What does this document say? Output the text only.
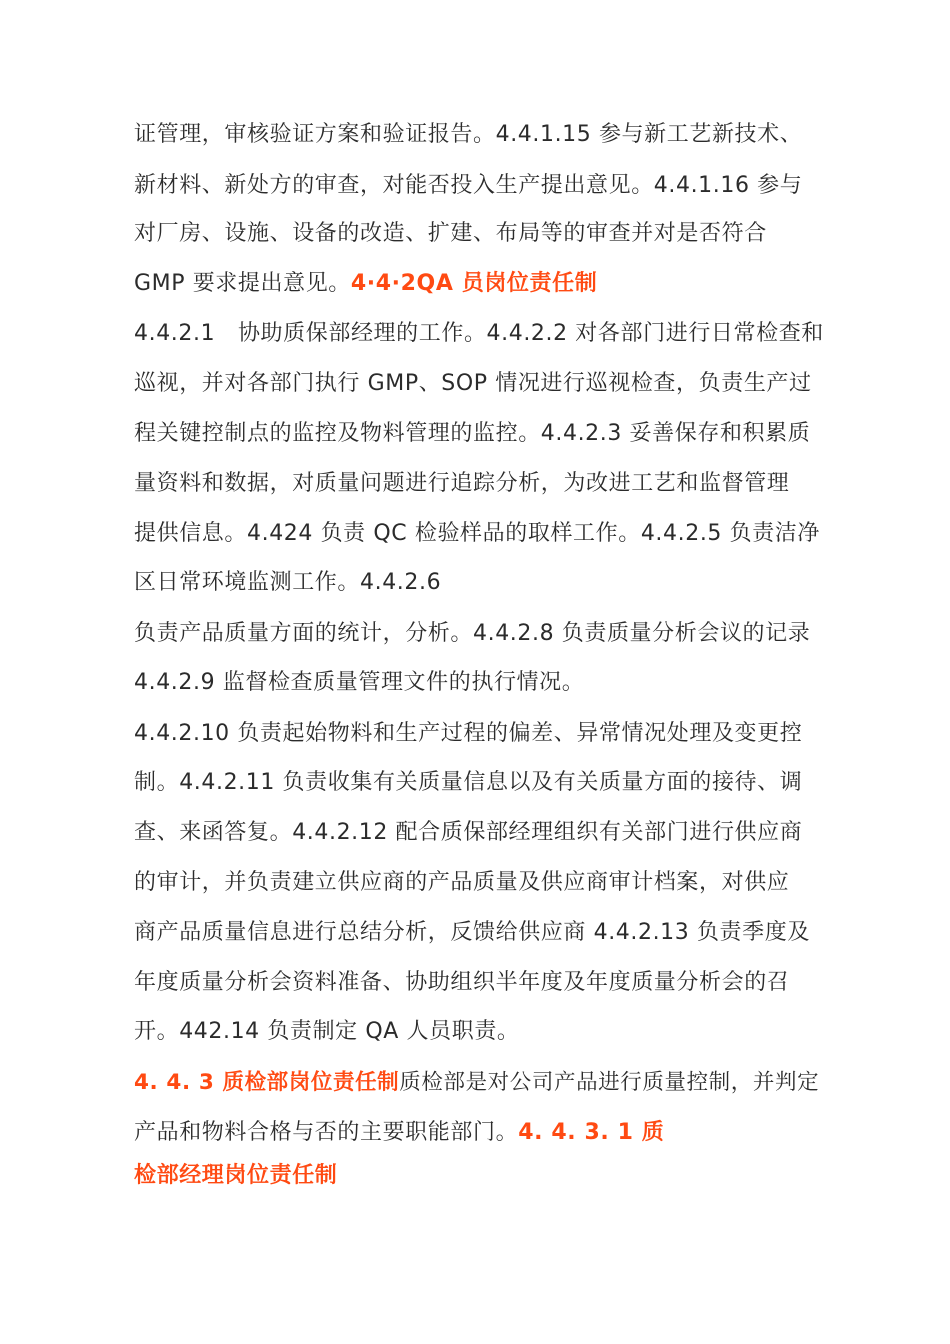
证管理，审核验证方案和验证报告。4.4.1.15 参与新工艺新技术、
新材料、新处方的审查，对能否投入生产提出意见。4.4.1.16 参与
对厂房、设施、设备的改造、扩建、布局等的审查并对是否符合
GMP 要求提出意见。4·4·2QA 员岗位责任制
4.4.2.1   协助质保部经理的工作。4.4.2.2 对各部门进行日常检查和
巡视，并对各部门执行 GMP、SOP 情况进行巡视检查，负责生产过
程关键控制点的监控及物料管理的监控。4.4.2.3 妥善保存和积累质
量资料和数据，对质量问题进行追踪分析，为改进工艺和监督管理
提供信息。4.424 负责 QC 检验样品的取样工作。4.4.2.5 负责洁净
区日常环境监测工作。4.4.2.6
负责产品质量方面的统计，分析。4.4.2.8 负责质量分析会议的记录
4.4.2.9 监督检查质量管理文件的执行情况。
4.4.2.10 负责起始物料和生产过程的偏差、异常情况处理及变更控
制。4.4.2.11 负责收集有关质量信息以及有关质量方面的接待、调
查、来函答复。4.4.2.12 配合质保部经理组织有关部门进行供应商
的审计，并负责建立供应商的产品质量及供应商审计档案，对供应
商产品质量信息进行总结分析，反馈给供应商 4.4.2.13 负责季度及
年度质量分析会资料准备、协助组织半年度及年度质量分析会的召
开。442.14 负责制定 QA 人员职责。
4. 4. 3 质检部岗位责任制质检部是对公司产品进行质量控制，并判定
产品和物料合格与否的主要职能部门。4. 4. 3. 1 质
检部经理岗位责任制
